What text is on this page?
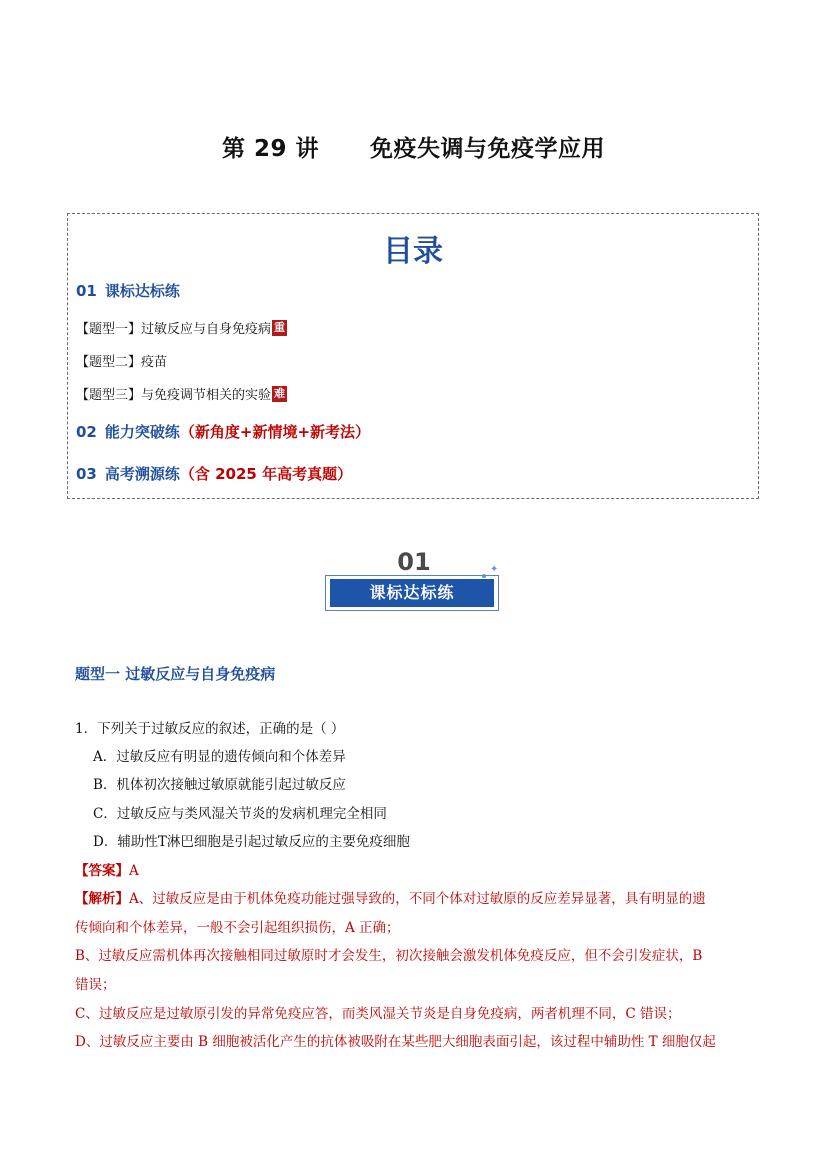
第 29 讲      免疫失调与免疫学应用
目录
01 课标达标练
【题型一】过敏反应与自身免疫病 重
【题型二】疫苗
【题型三】与免疫调节相关的实验 难
02 能力突破练（新角度+新情境+新考法）
03 高考溯源练（含 2025 年高考真题）
01
课标达标练
✦
题型一 过敏反应与自身免疫病
1．下列关于过敏反应的叙述，正确的是（ ）
A．过敏反应有明显的遗传倾向和个体差异
B．机体初次接触过敏原就能引起过敏反应
C．过敏反应与类风湿关节炎的发病机理完全相同
D．辅助性T淋巴细胞是引起过敏反应的主要免疫细胞
【答案】A
【解析】A、过敏反应是由于机体免疫功能过强导致的，不同个体对过敏原的反应差异显著，具有明显的遗
传倾向和个体差异，一般不会引起组织损伤，A 正确；
B、过敏反应需机体再次接触相同过敏原时才会发生，初次接触会激发机体免疫反应，但不会引发症状，B
错误；
C、过敏反应是过敏原引发的异常免疫应答，而类风湿关节炎是自身免疫病，两者机理不同，C 错误；
D、过敏反应主要由 B 细胞被活化产生的抗体被吸附在某些肥大细胞表面引起，该过程中辅助性 T 细胞仅起
